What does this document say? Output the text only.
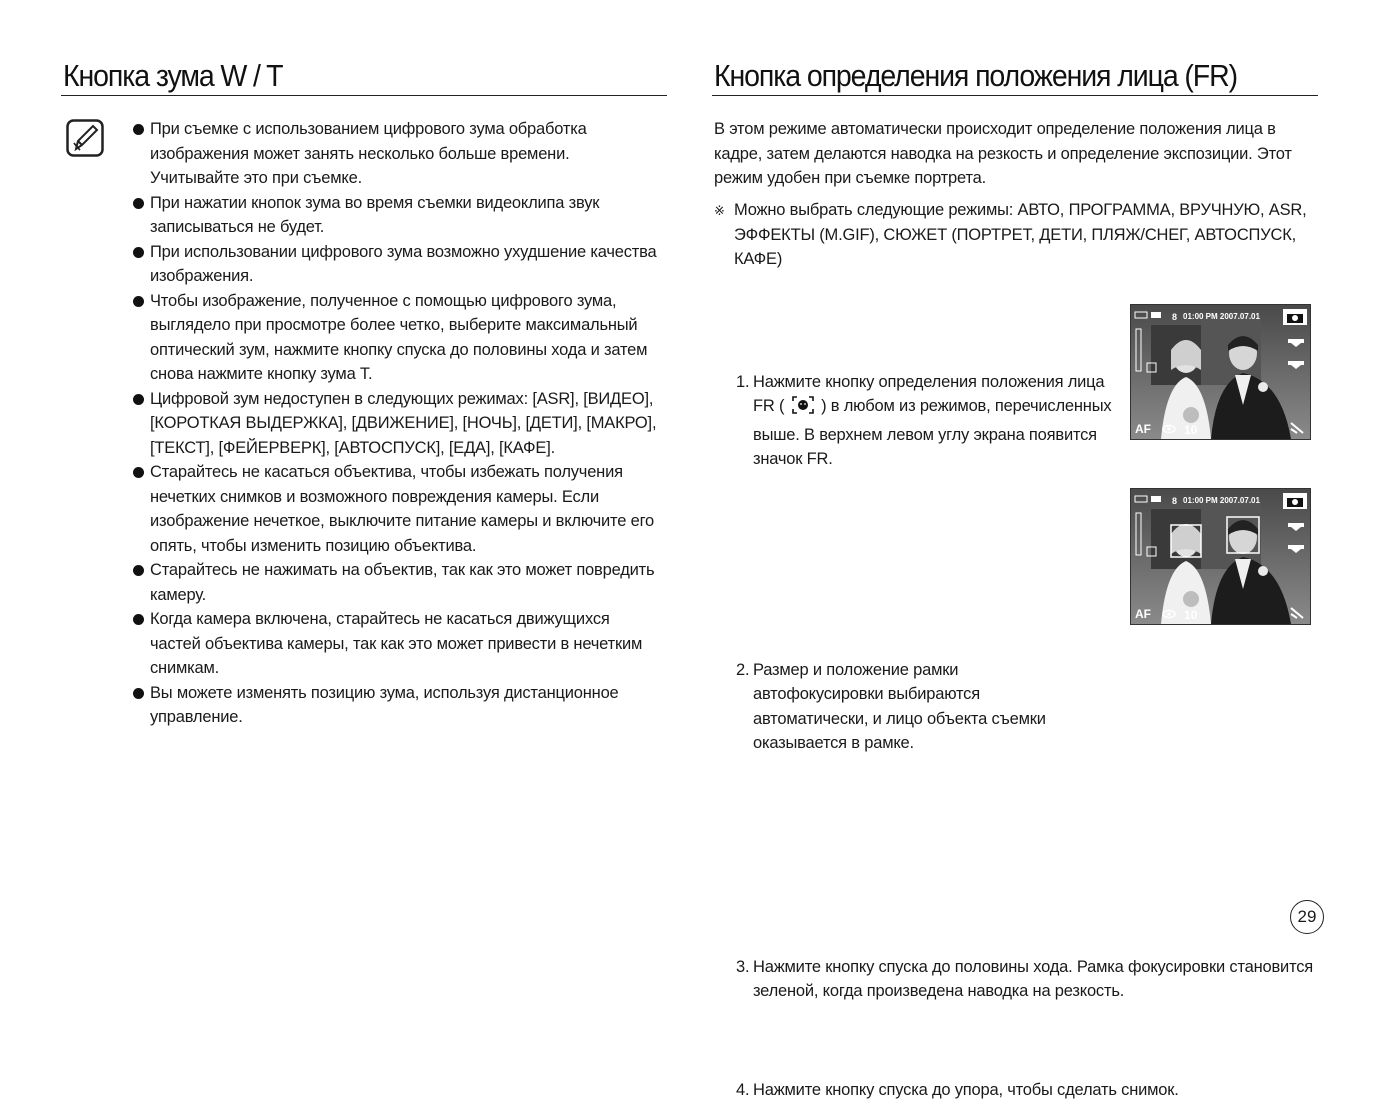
Кнопка зума W / T
При съемке с использованием цифрового зума обработка изображения может занять несколько больше времени. Учитывайте это при съемке.
При нажатии кнопок зума во время съемки видеоклипа звук записываться не будет.
При использовании цифрового зума возможно ухудшение качества изображения.
Чтобы изображение, полученное с помощью цифрового зума, выглядело при просмотре более четко, выберите максимальный оптический зум, нажмите кнопку спуска до половины хода и затем снова нажмите кнопку зума T.
Цифровой зум недоступен в следующих режимах: [ASR], [ВИДЕО], [КОРОТКАЯ ВЫДЕРЖКА], [ДВИЖЕНИЕ], [НОЧЬ], [ДЕТИ], [МАКРО], [ТЕКСТ], [ФЕЙЕРВЕРК], [АВТОСПУСК], [ЕДА], [КАФЕ].
Старайтесь не касаться объектива, чтобы избежать получения нечетких снимков и возможного повреждения камеры. Если изображение нечеткое, выключите питание камеры и включите его опять, чтобы изменить позицию объектива.
Старайтесь не нажимать на объектив, так как это может повредить камеру.
Когда камера включена, старайтесь не касаться движущихся частей объектива камеры, так как это может привести в нечетким снимкам.
Вы можете изменять позицию зума, используя дистанционное управление.
Кнопка определения положения лица (FR)
В этом режиме автоматически происходит определение положения лица в кадре, затем делаются наводка на резкость и определение экспозиции. Этот режим удобен при съемке портрета.
※ Можно выбрать следующие режимы: АВТО, ПРОГРАММА, ВРУЧНУЮ, ASR, ЭФФЕКТЫ (M.GIF), СЮЖЕТ (ПОРТРЕТ, ДЕТИ, ПЛЯЖ/СНЕГ, АВТОСПУСК, КАФЕ)
1. Нажмите кнопку определения положения лица FR ( ) в любом из режимов, перечисленных выше. В верхнем левом углу экрана появится значок FR.
8 01:00 PM 2007.07.01
AF	10
2. Размер и положение рамки автофокусировки выбираются автоматически, и лицо объекта съемки оказывается в рамке.
8 01:00 PM 2007.07.01
AF	10
3. Нажмите кнопку спуска до половины хода. Рамка фокусировки становится зеленой, когда произведена наводка на резкость.
4. Нажмите кнопку спуска до упора, чтобы сделать снимок.
29
